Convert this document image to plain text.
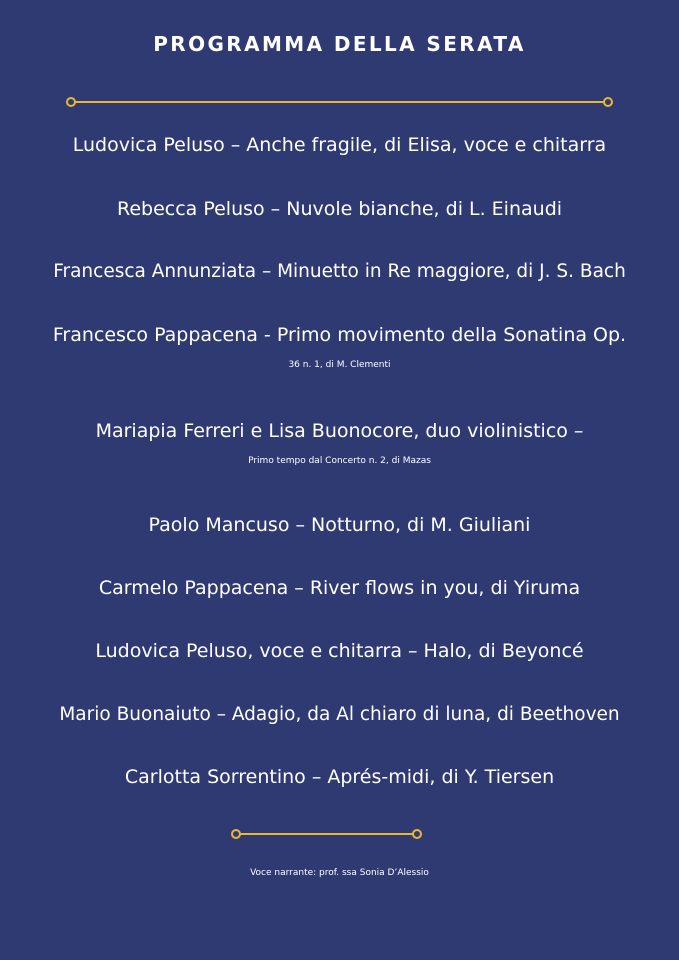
PROGRAMMA DELLA SERATA
Ludovica Peluso – Anche fragile, di Elisa, voce e chitarra
Rebecca Peluso – Nuvole bianche, di L. Einaudi
Francesca Annunziata – Minuetto in Re maggiore, di J. S. Bach
Francesco Pappacena - Primo movimento della Sonatina Op.
36 n. 1, di M. Clementi
Mariapia Ferreri e Lisa Buonocore, duo violinistico –
Primo tempo dal Concerto n. 2, di Mazas
Paolo Mancuso – Notturno, di M. Giuliani
Carmelo Pappacena – River flows in you, di Yiruma
Ludovica Peluso, voce e chitarra – Halo, di Beyoncé
Mario Buonaiuto – Adagio, da Al chiaro di luna, di Beethoven
Carlotta Sorrentino – Aprés-midi, di Y. Tiersen
Voce narrante: prof. ssa Sonia D’Alessio
